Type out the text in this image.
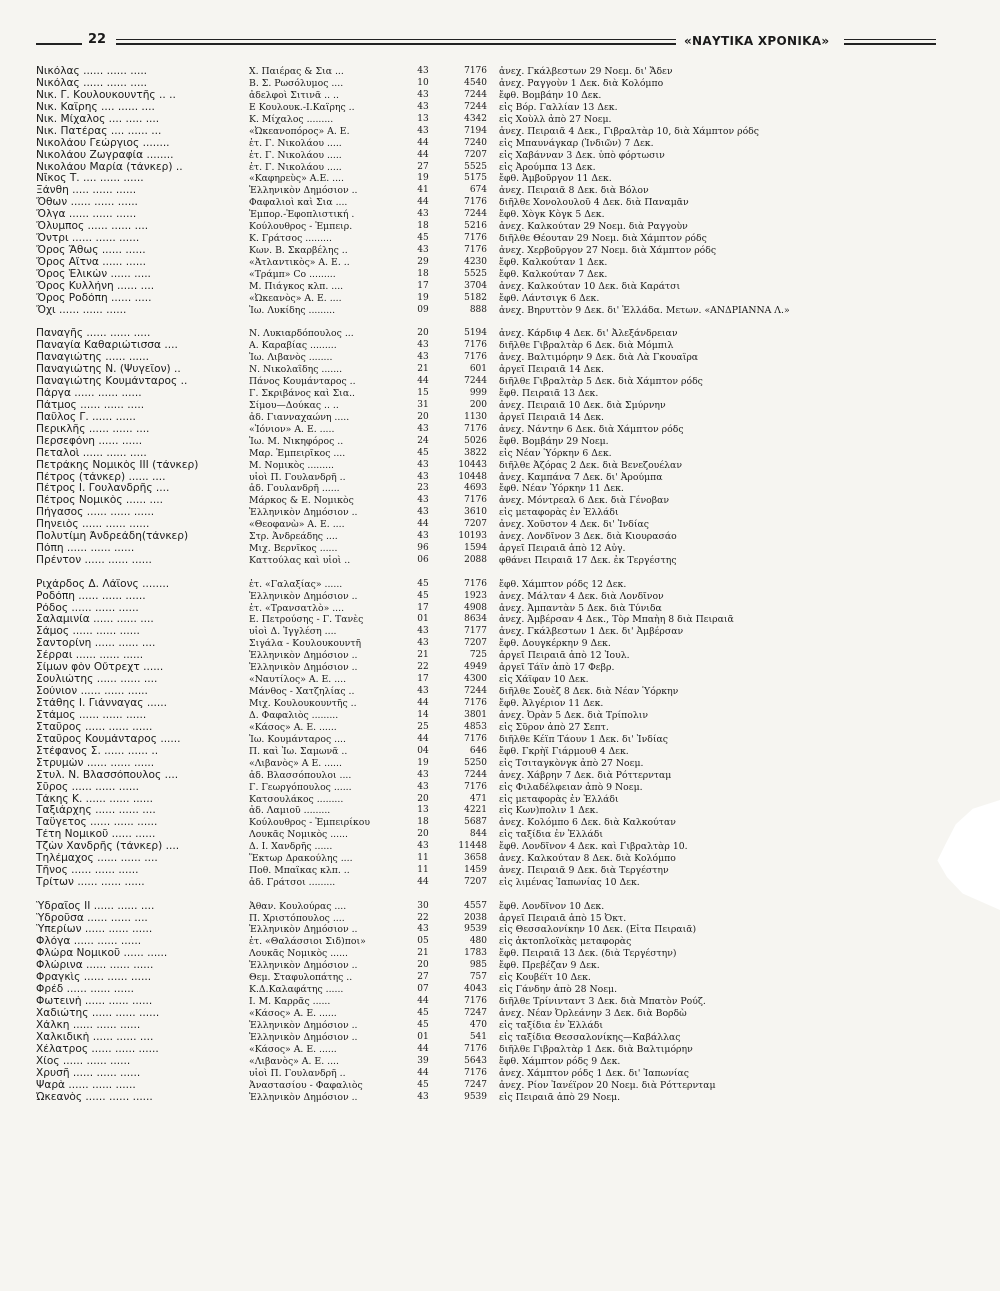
22	«ΝΑΥΤΙΚΑ ΧΡΟΝΙΚΑ»
Νικόλας ...... ...... .....	Χ. Παιέρας & Σια ...	43	7176	ἀνεχ. Γκάλβεστων 29 Νοεμ. δι' Ἄδεν
Νικόλας ...... ...... .....	Β. Σ. Ρωσόλυμος ....	10	4540	ἀνεχ. Ραγγοὺν 1 Δεκ. διὰ Κολόμπο
Νικ. Γ. Κουλουκουντῆς .. ..	ἀδελφοὶ Σιτινᾶ .. ..	43	7244	ἔφθ. Βομβάην 10 Δεκ.
Νικ. Καΐρης .... ...... ....	Ε Κουλουκ.-Ι.Καΐρης ..	43	7244	εἰς Βόρ. Γαλλίαν 13 Δεκ.
Νικ. Μίχαλος .... ..... ....	Κ. Μίχαλος .........	13	4342	εἰς Χοὺλλ ἀπὸ 27 Νοεμ.
Νικ. Πατέρας .... ...... ...	«Ὠκεανοπόρος» Α. Ε.	43	7194	ἀνεχ. Πειραιᾶ 4 Δεκ., Γιβραλτὰρ 10, διὰ Χάμπτον ρόδς
Νικολάου Γεώργιος ........	ἑτ. Γ. Νικολάου .....	44	7240	εἰς Μπαυνάγκαρ (Ἰνδιῶν) 7 Δεκ.
Νικολάου Ζωγραφία ........	ἑτ. Γ. Νικολάου .....	44	7207	εἰς Χαβάνναν 3 Δεκ. ὑπὸ φόρτωσιν
Νικολάου Μαρία (τάνκερ) ..	ἑτ. Γ. Νικολάου .....	27	5525	εἰς Ἀρούμπα 13 Δεκ.
Νῖκος Τ. .... ...... ......	«Καφηρεὺς» Α.Ε. ....	19	5175	ἔφθ. Ἀμβοῦργον 11 Δεκ.
Ξάνθη ..... ...... ......	Ἑλληνικὸν Δημόσιον ..	41	674	ἀνεχ. Πειραιᾶ 8 Δεκ. διὰ Βόλον
Ὄθων ...... ...... ......	Φαφαλιοὶ καὶ Σια ....	44	7176	διῆλθε Χονολουλοῦ 4 Δεκ. διὰ Παναμᾶν
Ὄλγα ...... ...... ......	Ἐμπορ.-Ἐφοπλιστική .	43	7244	ἔφθ. Χὸγκ Κὸγκ 5 Δεκ.
Ὄλυμπος ...... ...... ....	Κούλουθρος - Ἐμπειρ.	18	5216	ἀνεχ. Καλκούταν 29 Νοεμ. διὰ Ραγγοὺν
Ὄντρι ...... ...... ......	Κ. Γράτσος .........	45	7176	διῆλθε Θέουταν 29 Νοεμ. διὰ Χάμπτον ρόδς
Ὄρος Ἄθως ...... ......	Κων. Β. Σκαρβέλης ..	43	7176	ἀνεχ. Χερβοῦργον 27 Νοεμ. διὰ Χάμπτον ρόδς
Ὄρος Αἴτνα ...... ......	«Ἀτλαντικὸς» Α. Ε. ..	29	4230	ἔφθ. Καλκούταν 1 Δεκ.
Ὄρος Ἑλικὼν ...... .....	«Τράμπ» Co .........	18	5525	ἔφθ. Καλκούταν 7 Δεκ.
Ὄρος Κυλλήνη ...... ....	Μ. Πιάγκος κλπ. ....	17	3704	ἀνεχ. Καλκούταν 10 Δεκ. διὰ Καράτσι
Ὄρος Ροδόπη ...... .....	«Ὠκεανὸς» Α. Ε. ....	19	5182	ἔφθ. Λάντσιγκ 6 Δεκ.
Ὄχι ...... ...... ......	Ἰω. Λυκίδης .........	09	888	ἀνεχ. Βηρυττὸν 9 Δεκ. δι' Ἑλλάδα. Μετων. «ΑΝΔΡΙΑΝΝΑ Λ.»
Παναγῆς ...... ...... .....	Ν. Λυκιαρδόπουλος ...	20	5194	ἀνεχ. Κάρδιφ 4 Δεκ. δι' Ἀλεξάνδρειαν
Παναγία Καθαριώτισσα ....	Α. Καραβίας .........	43	7176	διῆλθε Γιβραλτὰρ 6 Δεκ. διὰ Μόμπιλ
Παναγιώτης ...... ......	Ἰω. Λιβανὸς ........	43	7176	ἀνεχ. Βαλτιμόρην 9 Δεκ. διὰ Λὰ Γκουαΐρα
Παναγιώτης Ν. (Ψυγεῖον) ..	Ν. Νικολαΐδης .......	21	601	ἀργεῖ Πειραιᾶ 14 Δεκ.
Παναγιώτης Κουμάνταρος ..	Πάνος Κουμάνταρος ..	44	7244	διῆλθε Γιβραλτὰρ 5 Δεκ. διὰ Χάμπτον ρόδς
Πάργα ...... ...... ......	Γ. Σκριβάνος καὶ Σια..	15	999	ἔφθ. Πειραιᾶ 13 Δεκ.
Πάτμος ...... ...... .....	Σίμου—Δούκας .. ..	31	200	ἀνεχ. Πειραιᾶ 10 Δεκ. διὰ Σμύρνην
Παῦλος Γ. ...... ......	ἀδ. Γιανναχαώνη .....	20	1130	ἀργεῖ Πειραιᾶ 14 Δεκ.
Περικλῆς ...... ...... ....	«Ἰόνιον» Α. Ε. .....	43	7176	ἀνεχ. Νάντην 6 Δεκ. διὰ Χάμπτον ρόδς
Περσεφόνη ...... ......	Ἰω. Μ. Νικηφόρος ..	24	5026	ἔφθ. Βομβάην 29 Νοεμ.
Πεταλοὶ ...... ...... .....	Μαρ. Ἐμπειρῖκος ....	45	3822	εἰς Νέαν Ὑόρκην 6 Δεκ.
Πετράκης Νομικὸς ΙΙΙ (τάνκερ)	Μ. Νομικὸς .........	43	10443	διῆλθε Ἀζόρας 2 Δεκ. διὰ Βενεζουέλαν
Πέτρος (τάνκερ) ...... ....	υἱοὶ Π. Γουλανδρῆ ..	43	10448	ἀνεχ. Καμπάνα 7 Δεκ. δι' Ἀρούμπα
Πέτρος Ι. Γουλανδρῆς ....	ἀδ. Γουλανδρῆ ......	23	4693	ἔφθ. Νέαν Ὑόρκην 11 Δεκ.
Πέτρος Νομικὸς ...... ....	Μάρκος & Ε. Νομικὸς	43	7176	ἀνεχ. Μόντρεαλ 6 Δεκ. διὰ Γένοβαν
Πήγασος ...... ...... ......	Ἑλληνικὸν Δημόσιον ..	43	3610	εἰς μεταφορὰς ἐν Ἑλλάδι
Πηνειὸς ...... ...... ......	«Θεοφανὼ» Α. Ε. ....	44	7207	ἀνεχ. Χοῦστον 4 Δεκ. δι' Ἰνδίας
Πολυτίμη Ἀνδρεάδη(τάνκερ)	Στρ. Ἀνδρεάδης ....	43	10193	ἀνεχ. Λονδῖνον 3 Δεκ. διὰ Κιουρασάο
Πόπη ...... ...... ......	Μιχ. Βερνῖκος ......	96	1594	ἀργεῖ Πειραιᾶ ἀπὸ 12 Αὐγ.
Πρέντον ...... ...... ......	Καττούλας καὶ υἱοὶ ..	06	2088	φθάνει Πειραιᾶ 17 Δεκ. ἐκ Τεργέστης
Ριχάρδος Δ. Λάϊονς ........	ἑτ. «Γαλαξίας» ......	45	7176	ἔφθ. Χάμπτον ρόδς 12 Δεκ.
Ροδόπη ...... ...... ......	Ἑλληνικὸν Δημόσιον ..	45	1923	ἀνεχ. Μάλταν 4 Δεκ. διὰ Λονδῖνον
Ρόδος ...... ...... ......	ἑτ. «Τρανσατλὸ» ....	17	4908	ἀνεχ. Ἀμπαντὰν 5 Δεκ. διὰ Τύνιδα
Σαλαμινία ...... ...... ....	Ε. Πετρούσης - Γ. Τανὲς	01	8634	ἀνεχ. Ἀμβέρσαν 4 Δεκ., Τὸρ Μπαὴη 8 διὰ Πειραιᾶ
Σάμος ...... ...... ......	υἱοὶ Δ. Ἰγγλέση ....	43	7177	ἀνεχ. Γκάλβεστων 1 Δεκ. δι' Ἀμβέρσαν
Σαντορίνη ...... ...... ....	Σιγάλα - Κουλουκουντῆ	43	7207	ἔφθ. Δουγκέρκην 9 Δεκ.
Σέρραι ...... ...... ......	Ἑλληνικὸν Δημόσιον ..	21	725	ἀργεῖ Πειραιᾶ ἀπὸ 12 Ἰουλ.
Σίμων φὸν Οὔτρεχτ ......	Ἑλληνικὸν Δημόσιον ..	22	4949	ἀργεῖ Τάϊν ἀπὸ 17 Φεβρ.
Σουλιώτης ...... ...... ....	«Ναυτίλος» Α. Ε. ....	17	4300	εἰς Χάϊφαν 10 Δεκ.
Σούνιον ...... ...... ......	Μάνθος - Χατζηλίας ..	43	7244	διῆλθε Σουὲζ 8 Δεκ. διὰ Νέαν Ὑόρκην
Στάθης Ι. Γιάνναγας ......	Μιχ. Κουλουκουντῆς ..	44	7176	ἔφθ. Ἀλγέριον 11 Δεκ.
Στάμος ...... ...... ......	Δ. Φαφαλιὸς .........	14	3801	ἀνεχ. Ὀρὰν 5 Δεκ. διὰ Τρίπολιν
Σταῦρος ...... ...... ......	«Κάσος» Α. Ε. ......	25	4853	εἰς Σῦρον ἀπὸ 27 Σεπτ.
Σταῦρος Κουμάνταρος ......	Ἰω. Κουμάνταρος ....	44	7176	διῆλθε Κέϊπ Τάουν 1 Δεκ. δι' Ἰνδίας
Στέφανος Σ. ...... ...... ..	Π. καὶ Ἰω. Σαμωνᾶ ..	04	646	ἔφθ. Γκρὴϊ Γιάρμουθ 4 Δεκ.
Στρυμὼν ...... ...... ......	«Λιβανὸς» Α Ε. ......	19	5250	εἰς Τσιταγκὸνγκ ἀπὸ 27 Νοεμ.
Στυλ. Ν. Βλασσόπουλος ....	ἀδ. Βλασσόπουλοι ....	43	7244	ἀνεχ. Χάβρην 7 Δεκ. διὰ Ρόττερνταμ
Σῦρος ...... ...... ......	Γ. Γεωργόπουλος ......	43	7176	εἰς Φιλαδέλφειαν ἀπὸ 9 Νοεμ.
Τάκης Κ. ...... ...... ......	Κατσουλάκος .........	20	471	εἰς μεταφορὰς ἐν Ἑλλάδι
Ταξιάρχης ...... ...... ....	ἀδ. Λαμιοῦ .........	13	4221	εἰς Κων)πολιν 1 Δεκ.
Ταΰγετος ...... ...... ......	Κούλουθρος - Ἐμπειρίκου	18	5687	ἀνεχ. Κολόμπο 6 Δεκ. διὰ Καλκούταν
Τέτη Νομικοῦ ...... ......	Λουκᾶς Νομικὸς ......	20	844	εἰς ταξίδια ἐν Ἑλλάδι
Τζὼν Χανδρῆς (τάνκερ) ....	Δ. Ι. Χανδρῆς ......	43	11448	ἔφθ. Λονδῖνον 4 Δεκ. καὶ Γιβραλτὰρ 10.
Τηλέμαχος ...... ...... ....	Ἕκτωρ Δρακούλης ....	11	3658	ἀνεχ. Καλκούταν 8 Δεκ. διὰ Κολόμπο
Τῆνος ...... ...... ......	Ποθ. Μπαΐκας κλπ. ..	11	1459	ἀνεχ. Πειραιᾶ 9 Δεκ. διὰ Τεργέστην
Τρίτων ...... ...... ......	ἀδ. Γράτσοι .........	44	7207	εἰς λιμένας Ἰαπωνίας 10 Δεκ.
Ὑδραῖος ΙΙ ...... ...... ....	Ἀθαν. Κουλούρας ....	30	4557	ἔφθ. Λονδῖνον 10 Δεκ.
Ὑδροῦσα ...... ...... ....	Π. Χριστόπουλος ....	22	2038	ἀργεῖ Πειραιᾶ ἀπὸ 15 Ὀκτ.
Ὑπερίων ...... ...... ......	Ἑλληνικὸν Δημόσιον ..	43	9539	εἰς Θεσσαλονίκην 10 Δεκ. (Εἶτα Πειραιᾶ)
Φλόγα ...... ...... ......	ἑτ. «Θαλάσσιοι Σιδ)ποι»	05	480	εἰς ἀκτοπλοϊκὰς μεταφορὰς
Φλώρα Νομικοῦ ...... ......	Λουκᾶς Νομικὸς ......	21	1783	ἔφθ. Πειραιᾶ 13 Δεκ. (διὰ Τεργέστην)
Φλώρινα ...... ...... ......	Ἑλληνικὸν Δημόσιον ..	20	985	ἔφθ. Πρεβέζαν 9 Δεκ.
Φραγκὶς ...... ...... ......	Θεμ. Σταφυλοπάτης ..	27	757	εἰς Κουβέϊτ 10 Δεκ.
Φρέδ ...... ...... ......	Κ.Δ.Καλαφάτης ......	07	4043	εἰς Γάνδην ἀπὸ 28 Νοεμ.
Φωτεινὴ ...... ...... ......	Ι. Μ. Καρρᾶς ......	44	7176	διῆλθε Τρίνινταντ 3 Δεκ. διὰ Μπατὸν Ρούζ.
Χαδιώτης ...... ...... ......	«Κάσος» Α. Ε. ......	45	7247	ἀνεχ. Νέαν Ὀρλεάνην 3 Δεκ. διὰ Βορδὼ
Χάλκη ...... ...... ......	Ἑλληνικὸν Δημόσιον ..	45	470	εἰς ταξίδια ἐν Ἑλλάδι
Χαλκιδικὴ ...... ...... ....	Ἑλληνικὸν Δημόσιον ..	01	541	εἰς ταξίδια Θεσσαλονίκης—Καβάλλας
Χέλατρος ...... ...... ......	«Κάσος» Α. Ε. ......	44	7176	διῆλθε Γιβραλτὰρ 1 Δεκ. διὰ Βαλτιμόρην
Χίος ...... ...... ......	«Λιβανὸς» Α. Ε. ....	39	5643	ἔφθ. Χάμπτον ρόδς 9 Δεκ.
Χρυσῆ ...... ...... ......	υἱοὶ Π. Γουλανδρῆ ..	44	7176	ἀνεχ. Χάμπτον ρόδς 1 Δεκ. δι' Ἰαπωνίας
Ψαρὰ ...... ...... ......	Ἀναστασίου - Φαφαλιὸς	45	7247	ἀνεχ. Ρίον Ἰανέϊρον 20 Νοεμ. διὰ Ρόττερνταμ
Ὠκεανὸς ...... ...... ......	Ἑλληνικὸν Δημόσιον ..	43	9539	εἰς Πειραιᾶ ἀπὸ 29 Νοεμ.
